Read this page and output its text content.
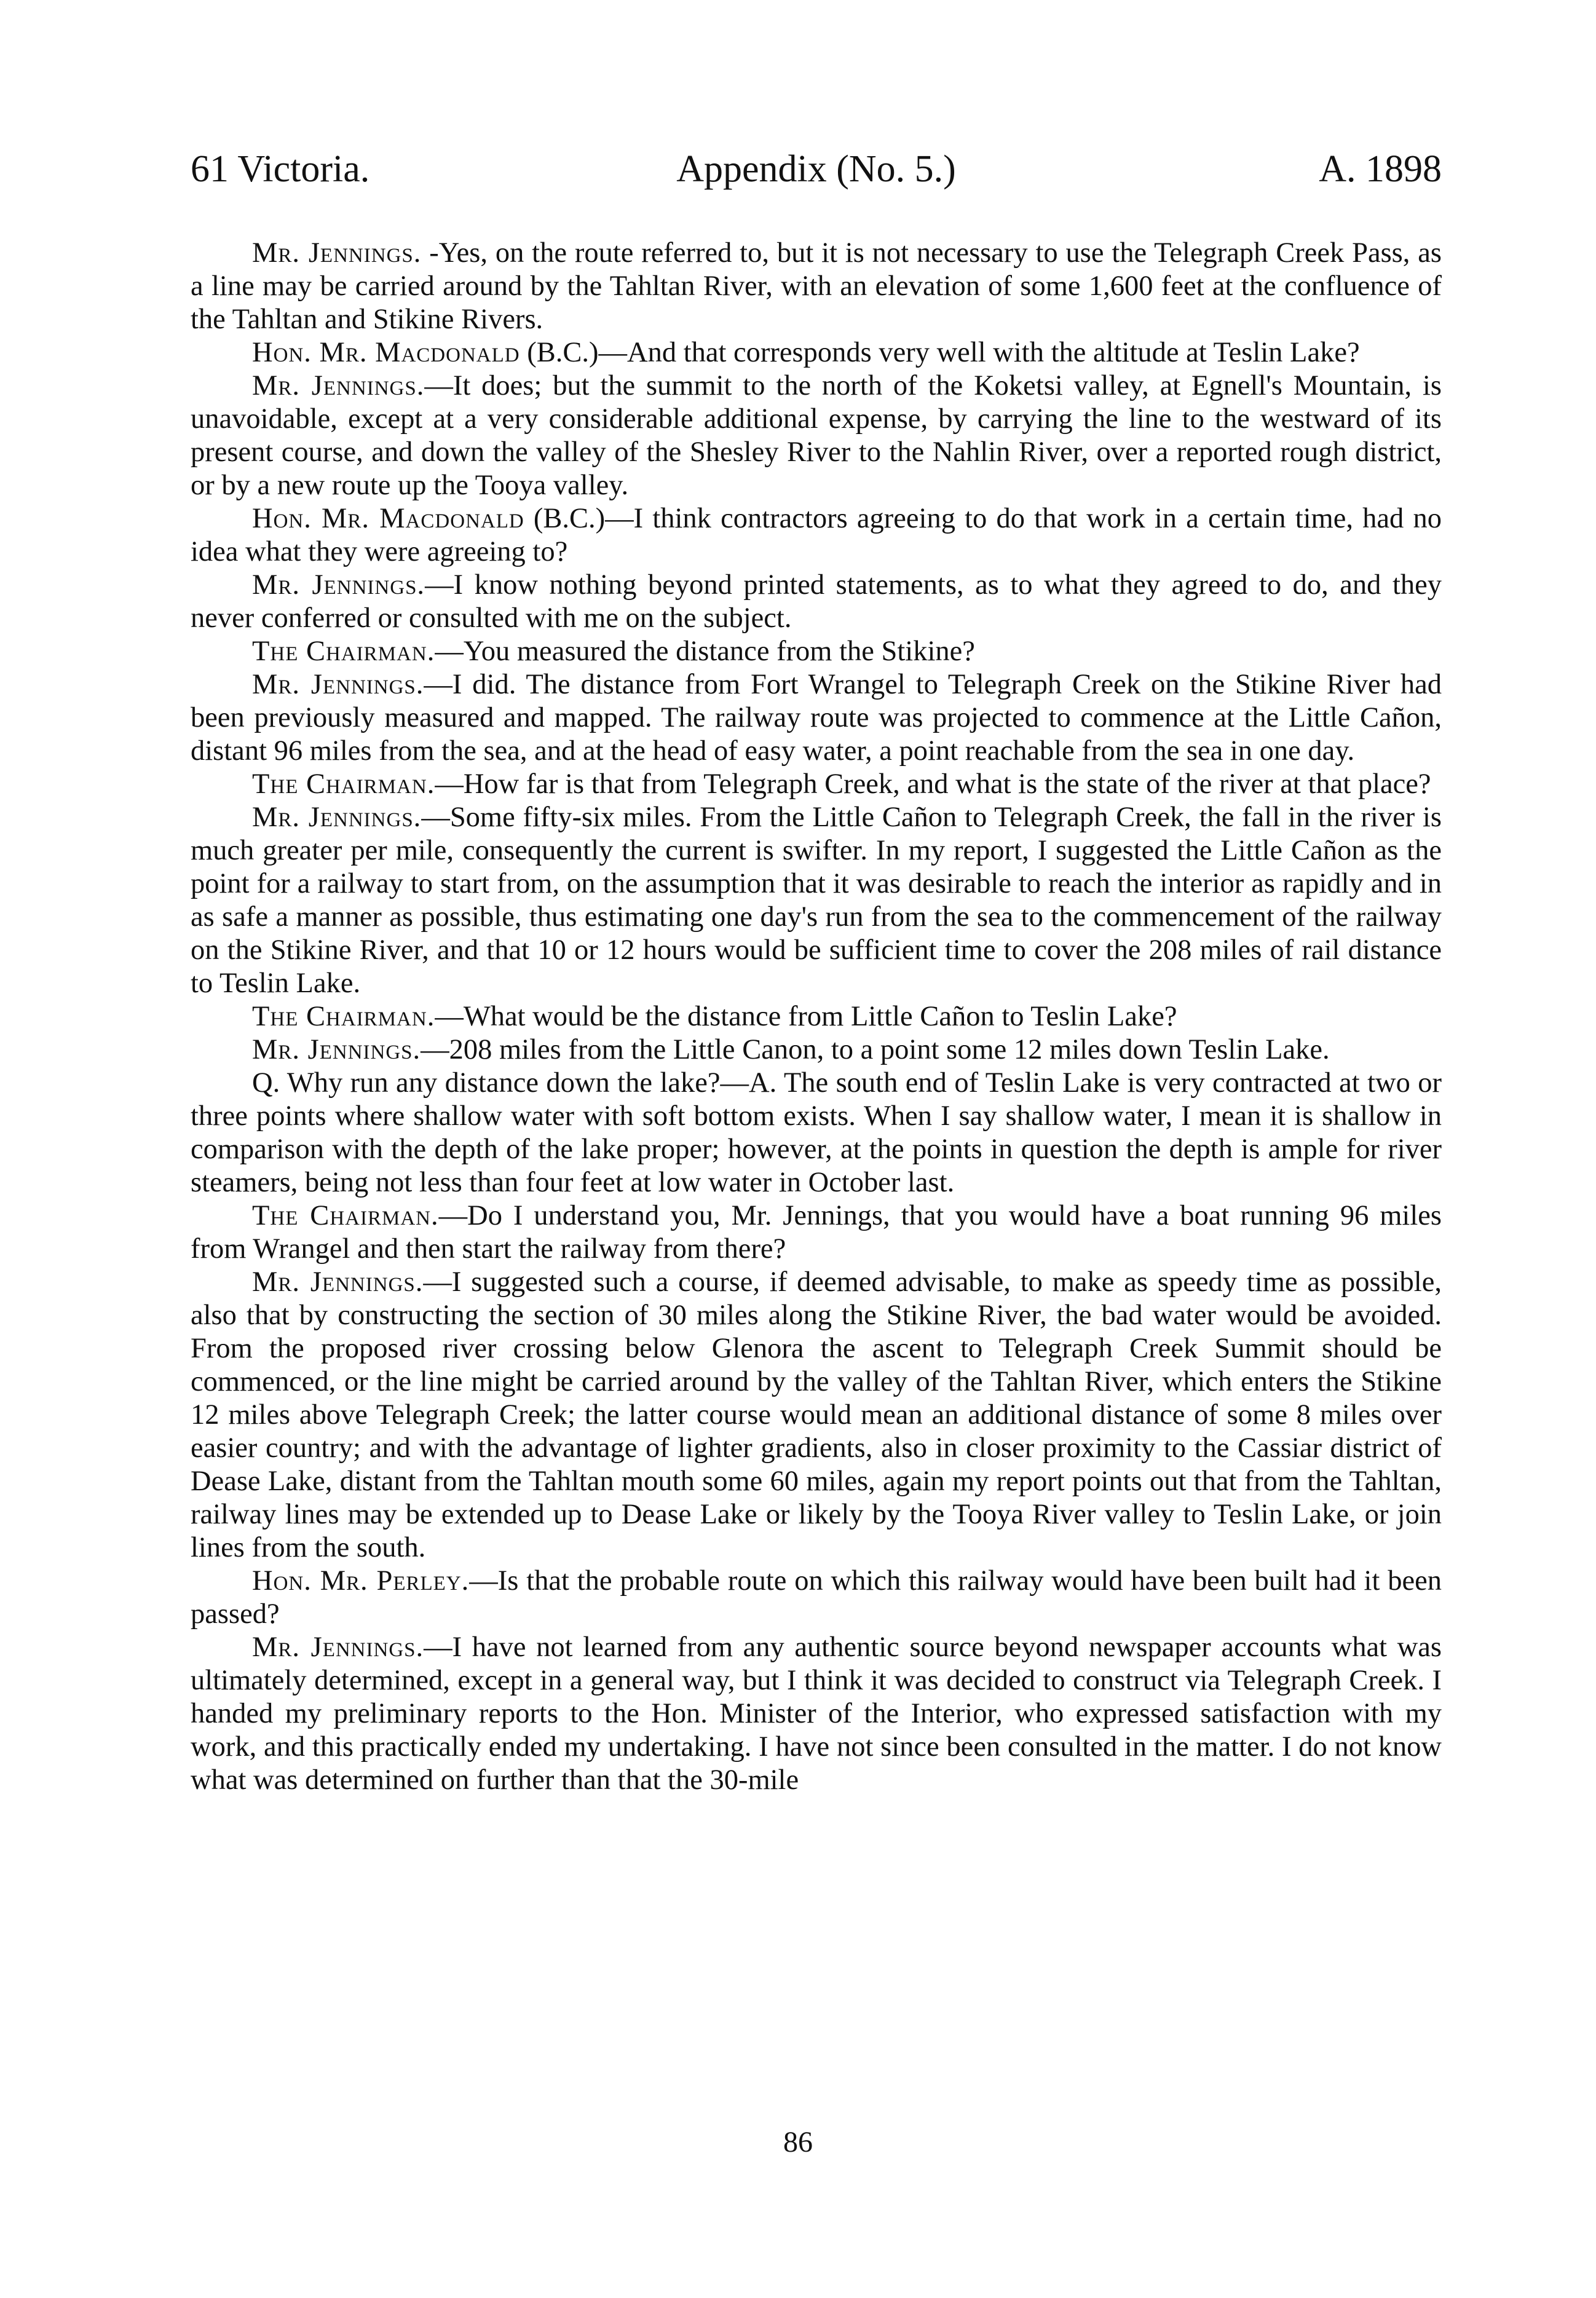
61 Victoria.	Appendix (No. 5.)	A. 1898

Mr. Jennings. -Yes, on the route referred to, but it is not necessary to use the Telegraph Creek Pass, as a line may be carried around by the Tahltan River, with an elevation of some 1,600 feet at the confluence of the Tahltan and Stikine Rivers.

Hon. Mr. Macdonald (B.C.)—And that corresponds very well with the altitude at Teslin Lake?

Mr. Jennings.—It does; but the summit to the north of the Koketsi valley, at Egnell's Mountain, is unavoidable, except at a very considerable additional expense, by carrying the line to the westward of its present course, and down the valley of the Shesley River to the Nahlin River, over a reported rough district, or by a new route up the Tooya valley.

Hon. Mr. Macdonald (B.C.)—I think contractors agreeing to do that work in a certain time, had no idea what they were agreeing to?

Mr. Jennings.—I know nothing beyond printed statements, as to what they agreed to do, and they never conferred or consulted with me on the subject.

The Chairman.—You measured the distance from the Stikine?

Mr. Jennings.—I did. The distance from Fort Wrangel to Telegraph Creek on the Stikine River had been previously measured and mapped. The railway route was projected to commence at the Little Cañon, distant 96 miles from the sea, and at the head of easy water, a point reachable from the sea in one day.

The Chairman.—How far is that from Telegraph Creek, and what is the state of the river at that place?

Mr. Jennings.—Some fifty-six miles. From the Little Cañon to Telegraph Creek, the fall in the river is much greater per mile, consequently the current is swifter. In my report, I suggested the Little Cañon as the point for a railway to start from, on the assumption that it was desirable to reach the interior as rapidly and in as safe a manner as possible, thus estimating one day's run from the sea to the commencement of the railway on the Stikine River, and that 10 or 12 hours would be sufficient time to cover the 208 miles of rail distance to Teslin Lake.

The Chairman.—What would be the distance from Little Cañon to Teslin Lake?

Mr. Jennings.—208 miles from the Little Canon, to a point some 12 miles down Teslin Lake.

Q. Why run any distance down the lake?—A. The south end of Teslin Lake is very contracted at two or three points where shallow water with soft bottom exists. When I say shallow water, I mean it is shallow in comparison with the depth of the lake proper; however, at the points in question the depth is ample for river steamers, being not less than four feet at low water in October last.

The Chairman.—Do I understand you, Mr. Jennings, that you would have a boat running 96 miles from Wrangel and then start the railway from there?

Mr. Jennings.—I suggested such a course, if deemed advisable, to make as speedy time as possible, also that by constructing the section of 30 miles along the Stikine River, the bad water would be avoided. From the proposed river crossing below Glenora the ascent to Telegraph Creek Summit should be commenced, or the line might be carried around by the valley of the Tahltan River, which enters the Stikine 12 miles above Telegraph Creek; the latter course would mean an additional distance of some 8 miles over easier country; and with the advantage of lighter gradients, also in closer proximity to the Cassiar district of Dease Lake, distant from the Tahltan mouth some 60 miles, again my report points out that from the Tahltan, railway lines may be extended up to Dease Lake or likely by the Tooya River valley to Teslin Lake, or join lines from the south.

Hon. Mr. Perley.—Is that the probable route on which this railway would have been built had it been passed?

Mr. Jennings.—I have not learned from any authentic source beyond newspaper accounts what was ultimately determined, except in a general way, but I think it was decided to construct via Telegraph Creek. I handed my preliminary reports to the Hon. Minister of the Interior, who expressed satisfaction with my work, and this practically ended my undertaking. I have not since been consulted in the matter. I do not know what was determined on further than that the 30-mile

86
